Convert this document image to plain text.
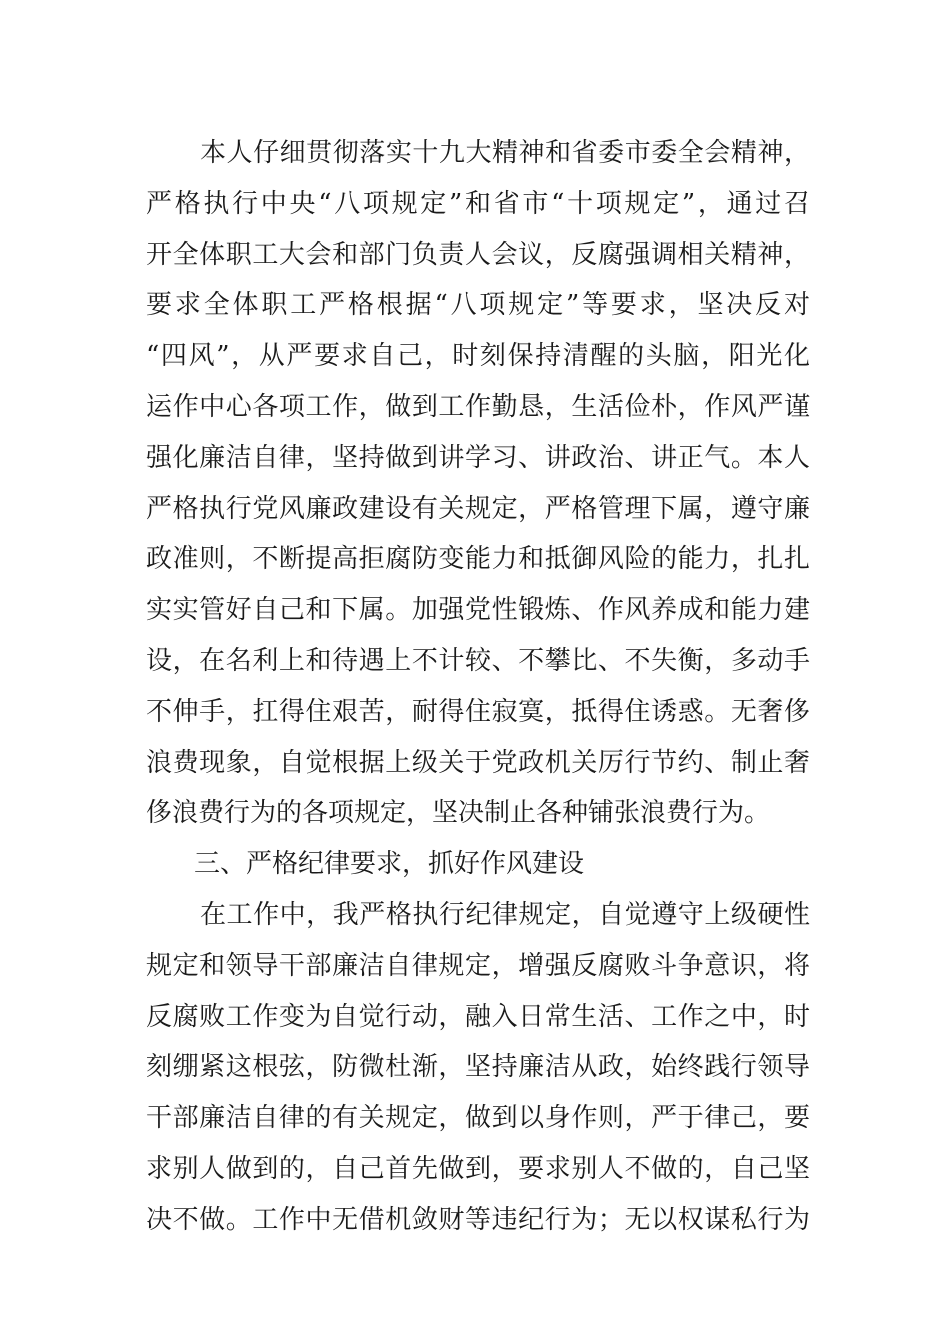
本人仔细贯彻落实十九大精神和省委市委全会精神，
严格执行中央“八项规定”和省市“十项规定”，通过召
开全体职工大会和部门负责人会议，反腐强调相关精神，
要求全体职工严格根据“八项规定”等要求，坚决反对
“四风”，从严要求自己，时刻保持清醒的头脑，阳光化
运作中心各项工作，做到工作勤恳，生活俭朴，作风严谨
强化廉洁自律，坚持做到讲学习、讲政治、讲正气。本人
严格执行党风廉政建设有关规定，严格管理下属，遵守廉
政准则，不断提高拒腐防变能力和抵御风险的能力，扎扎
实实管好自己和下属。加强党性锻炼、作风养成和能力建
设，在名利上和待遇上不计较、不攀比、不失衡，多动手
不伸手，扛得住艰苦，耐得住寂寞，抵得住诱惑。无奢侈
浪费现象，自觉根据上级关于党政机关厉行节约、制止奢
侈浪费行为的各项规定，坚决制止各种铺张浪费行为。
三、严格纪律要求，抓好作风建设
在工作中，我严格执行纪律规定，自觉遵守上级硬性
规定和领导干部廉洁自律规定，增强反腐败斗争意识，将
反腐败工作变为自觉行动，融入日常生活、工作之中，时
刻绷紧这根弦，防微杜渐，坚持廉洁从政，始终践行领导
干部廉洁自律的有关规定，做到以身作则，严于律己，要
求别人做到的，自己首先做到，要求别人不做的，自己坚
决不做。工作中无借机敛财等违纪行为；无以权谋私行为
